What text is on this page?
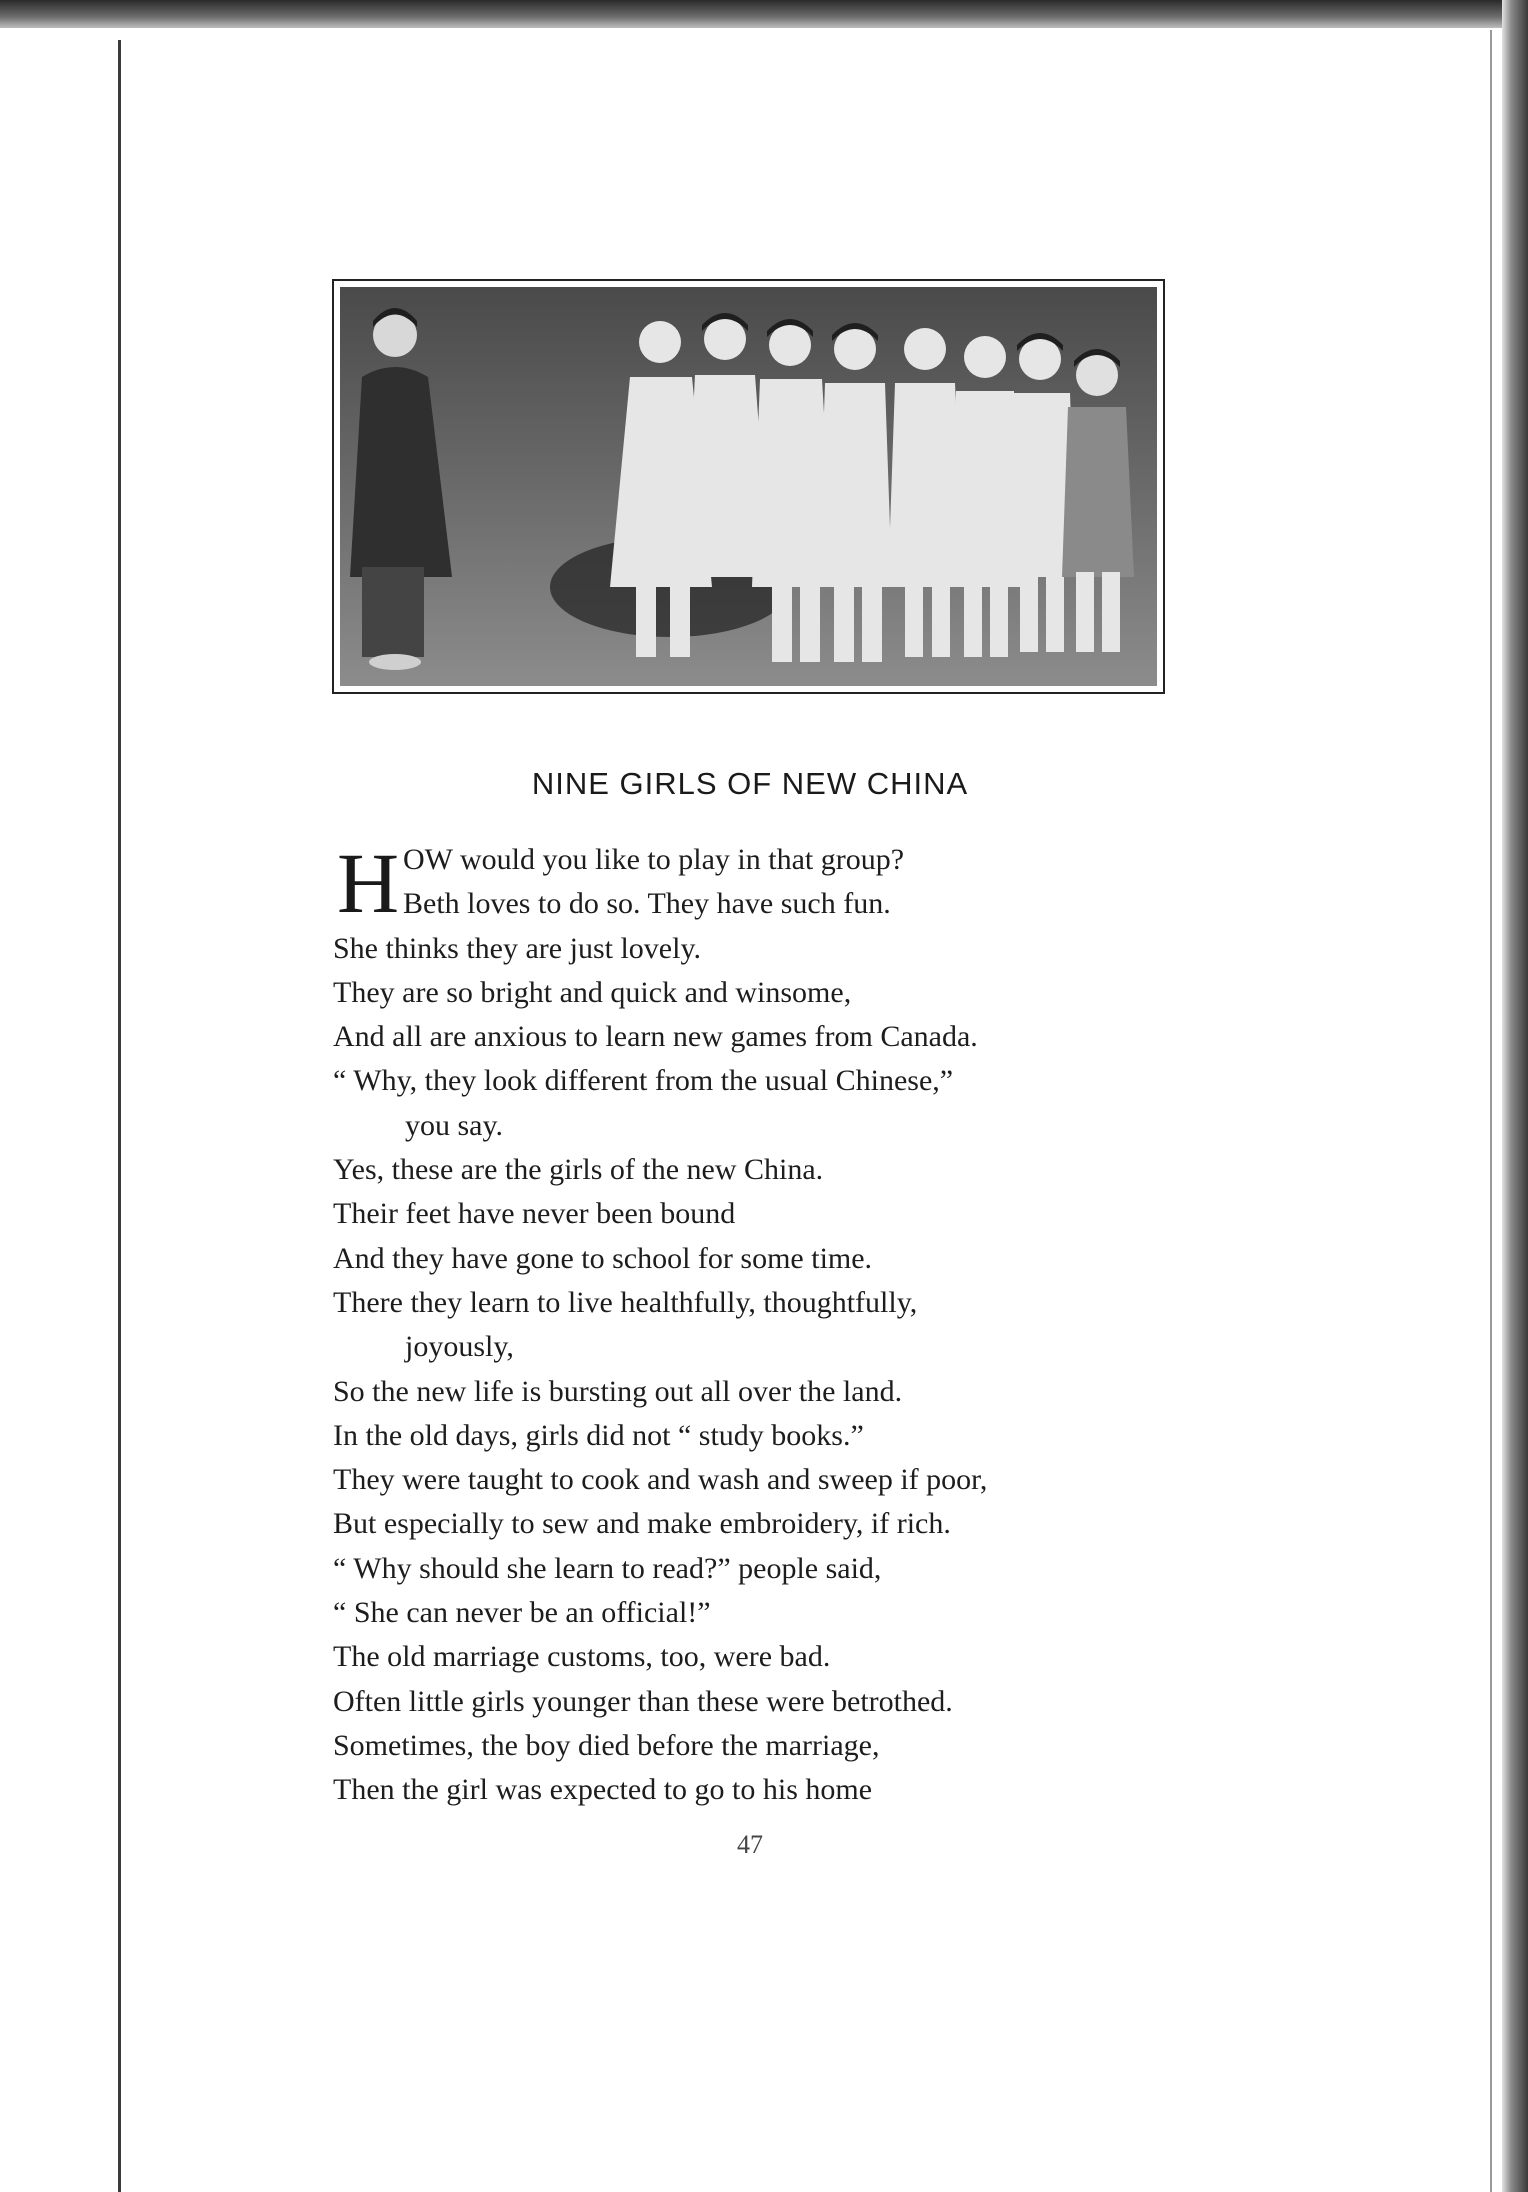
NINE GIRLS OF NEW CHINA
H OW would you like to play in that group?
Beth loves to do so. They have such fun.
She thinks they are just lovely.
They are so bright and quick and winsome,
And all are anxious to learn new games from Canada.
“ Why, they look different from the usual Chinese,”
you say.
Yes, these are the girls of the new China.
Their feet have never been bound
And they have gone to school for some time.
There they learn to live healthfully, thoughtfully,
joyously,
So the new life is bursting out all over the land.
In the old days, girls did not “ study books.”
They were taught to cook and wash and sweep if poor,
But especially to sew and make embroidery, if rich.
“ Why should she learn to read?” people said,
“ She can never be an official!”
The old marriage customs, too, were bad.
Often little girls younger than these were betrothed.
Sometimes, the boy died before the marriage,
Then the girl was expected to go to his home
47
